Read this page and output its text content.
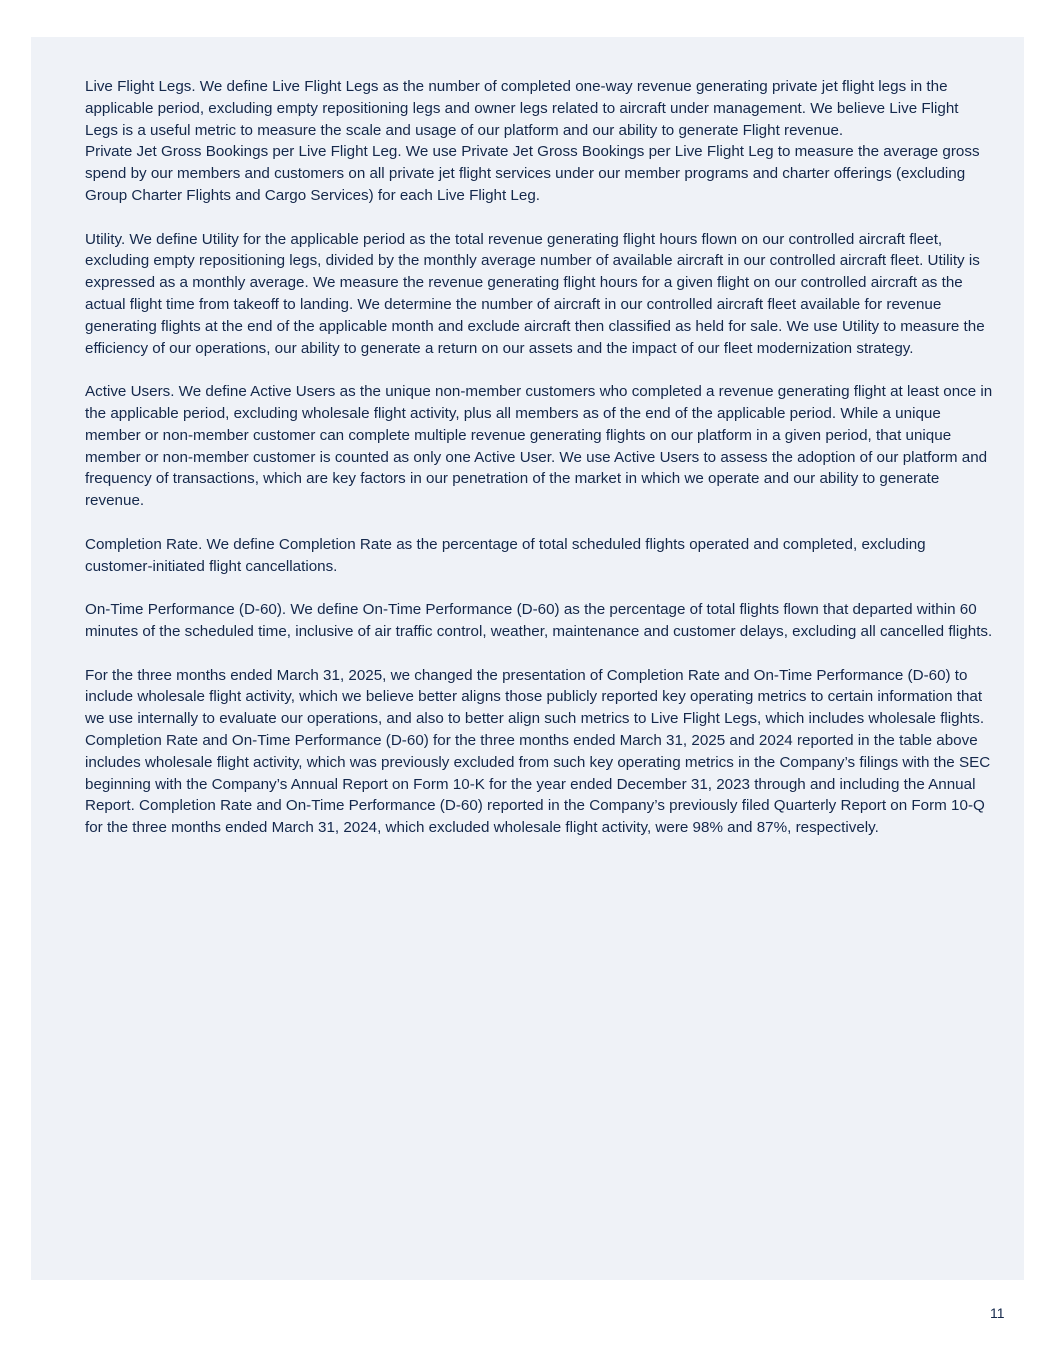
Live Flight Legs. We define Live Flight Legs as the number of completed one-way revenue generating private jet flight legs in the applicable period, excluding empty repositioning legs and owner legs related to aircraft under management. We believe Live Flight Legs is a useful metric to measure the scale and usage of our platform and our ability to generate Flight revenue.

Private Jet Gross Bookings per Live Flight Leg. We use Private Jet Gross Bookings per Live Flight Leg to measure the average gross spend by our members and customers on all private jet flight services under our member programs and charter offerings (excluding Group Charter Flights and Cargo Services) for each Live Flight Leg.

Utility. We define Utility for the applicable period as the total revenue generating flight hours flown on our controlled aircraft fleet, excluding empty repositioning legs, divided by the monthly average number of available aircraft in our controlled aircraft fleet. Utility is expressed as a monthly average. We measure the revenue generating flight hours for a given flight on our controlled aircraft as the actual flight time from takeoff to landing. We determine the number of aircraft in our controlled aircraft fleet available for revenue generating flights at the end of the applicable month and exclude aircraft then classified as held for sale. We use Utility to measure the efficiency of our operations, our ability to generate a return on our assets and the impact of our fleet modernization strategy.

Active Users. We define Active Users as the unique non-member customers who completed a revenue generating flight at least once in the applicable period, excluding wholesale flight activity, plus all members as of the end of the applicable period. While a unique member or non-member customer can complete multiple revenue generating flights on our platform in a given period, that unique member or non-member customer is counted as only one Active User. We use Active Users to assess the adoption of our platform and frequency of transactions, which are key factors in our penetration of the market in which we operate and our ability to generate revenue.

Completion Rate. We define Completion Rate as the percentage of total scheduled flights operated and completed, excluding customer-initiated flight cancellations.

On-Time Performance (D-60). We define On-Time Performance (D-60) as the percentage of total flights flown that departed within 60 minutes of the scheduled time, inclusive of air traffic control, weather, maintenance and customer delays, excluding all cancelled flights.

For the three months ended March 31, 2025, we changed the presentation of Completion Rate and On-Time Performance (D-60) to include wholesale flight activity, which we believe better aligns those publicly reported key operating metrics to certain information that we use internally to evaluate our operations, and also to better align such metrics to Live Flight Legs, which includes wholesale flights. Completion Rate and On-Time Performance (D-60) for the three months ended March 31, 2025 and 2024 reported in the table above includes wholesale flight activity, which was previously excluded from such key operating metrics in the Company’s filings with the SEC beginning with the Company’s Annual Report on Form 10-K for the year ended December 31, 2023 through and including the Annual Report. Completion Rate and On-Time Performance (D-60) reported in the Company’s previously filed Quarterly Report on Form 10-Q for the three months ended March 31, 2024, which excluded wholesale flight activity, were 98% and 87%, respectively.

11
